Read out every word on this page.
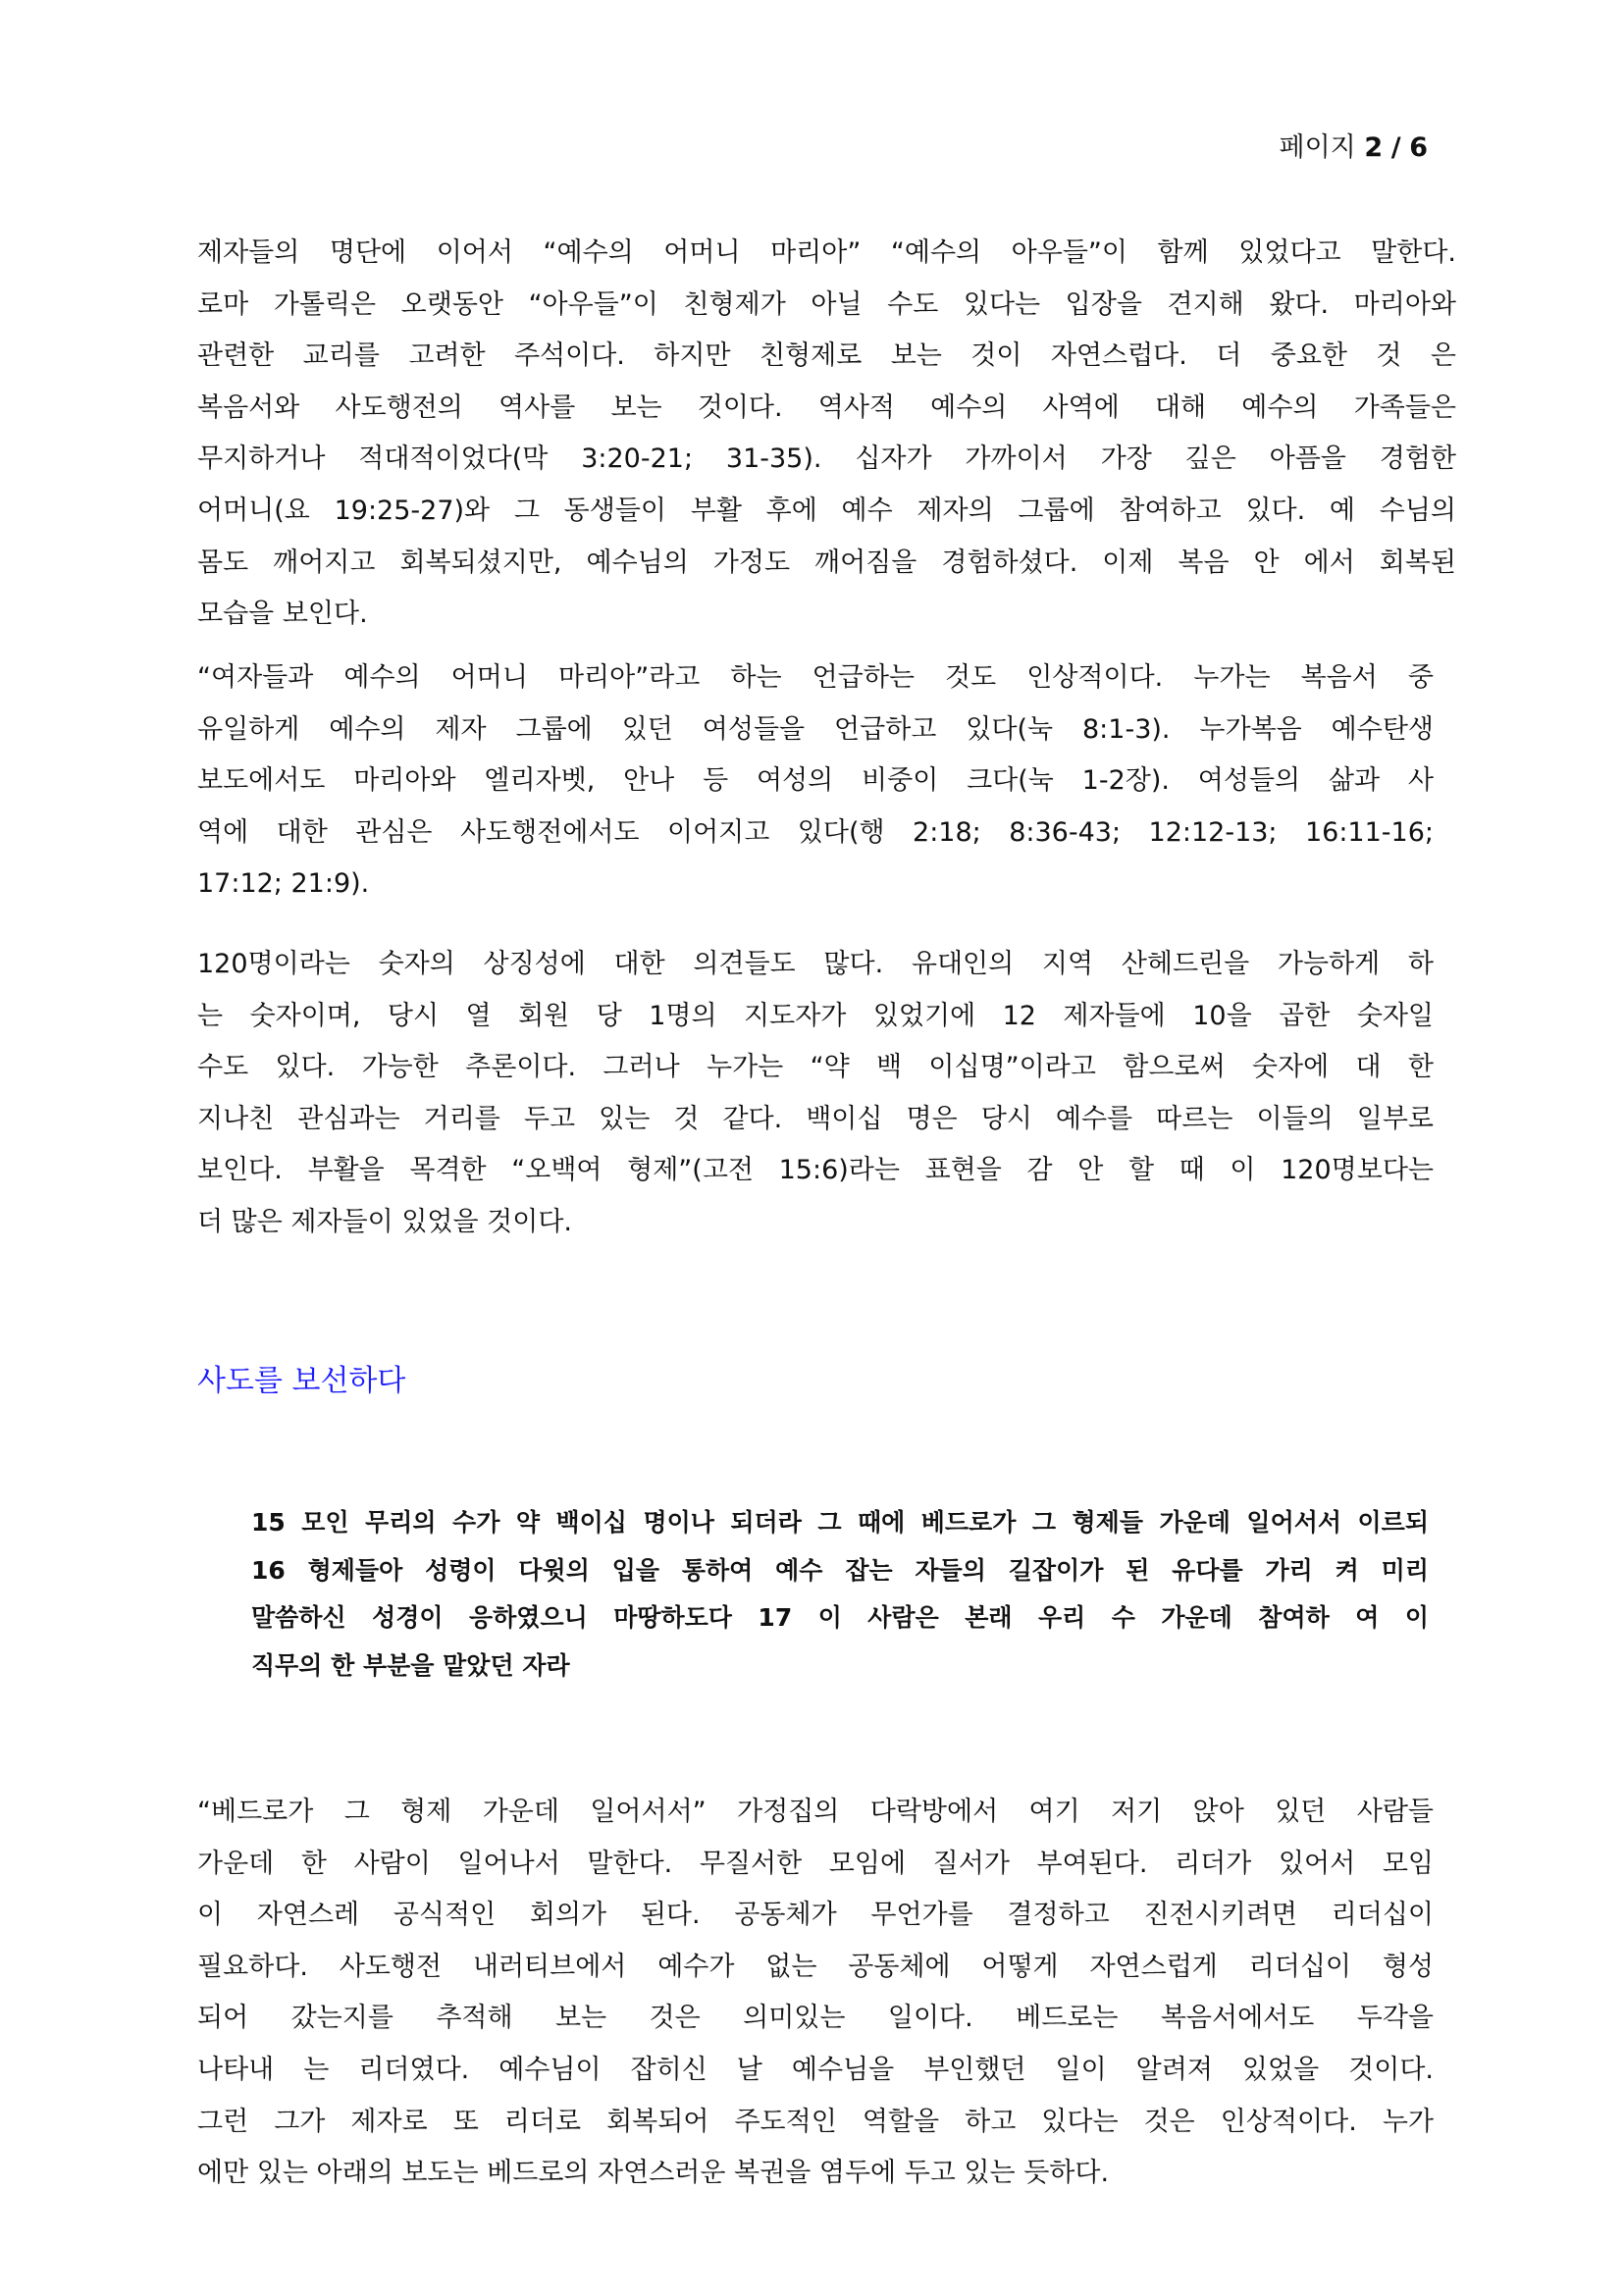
페이지 2 / 6
제자들의 명단에 이어서 “예수의 어머니 마리아” “예수의 아우들”이 함께 있었다고 말한다.
로마 가톨릭은 오랫동안 “아우들”이 친형제가 아닐 수도 있다는 입장을 견지해 왔다. 마리아와
관련한 교리를 고려한 주석이다. 하지만 친형제로 보는 것이 자연스럽다. 더 중요한 것 은
복음서와 사도행전의 역사를 보는 것이다. 역사적 예수의 사역에 대해 예수의 가족들은
무지하거나 적대적이었다(막 3:20-21; 31-35). 십자가 가까이서 가장 깊은 아픔을 경험한
어머니(요 19:25-27)와 그 동생들이 부활 후에 예수 제자의 그룹에 참여하고 있다. 예 수님의
몸도 깨어지고 회복되셨지만, 예수님의 가정도 깨어짐을 경험하셨다. 이제 복음 안 에서 회복된
모습을 보인다.
“여자들과 예수의 어머니 마리아”라고 하는 언급하는 것도 인상적이다. 누가는 복음서 중
유일하게 예수의 제자 그룹에 있던 여성들을 언급하고 있다(눅 8:1-3). 누가복음 예수탄생
보도에서도 마리아와 엘리자벳, 안나 등 여성의 비중이 크다(눅 1-2장). 여성들의 삶과 사
역에 대한 관심은 사도행전에서도 이어지고 있다(행 2:18; 8:36-43; 12:12-13; 16:11-16;
17:12; 21:9).
120명이라는 숫자의 상징성에 대한 의견들도 많다. 유대인의 지역 산헤드린을 가능하게 하
는 숫자이며, 당시 열 회원 당 1명의 지도자가 있었기에 12 제자들에 10을 곱한 숫자일
수도 있다. 가능한 추론이다. 그러나 누가는 “약 백 이십명”이라고 함으로써 숫자에 대 한
지나친 관심과는 거리를 두고 있는 것 같다. 백이십 명은 당시 예수를 따르는 이들의 일부로
보인다. 부활을 목격한 “오백여 형제”(고전 15:6)라는 표현을 감 안 할 때 이 120명보다는
더 많은 제자들이 있었을 것이다.
사도를 보선하다
15 모인 무리의 수가 약 백이십 명이나 되더라 그 때에 베드로가 그 형제들 가운데 일어서서 이르되
16 형제들아 성령이 다윗의 입을 통하여 예수 잡는 자들의 길잡이가 된 유다를 가리 켜 미리
말씀하신 성경이 응하였으니 마땅하도다 17 이 사람은 본래 우리 수 가운데 참여하 여 이
직무의 한 부분을 맡았던 자라
“베드로가 그 형제 가운데 일어서서” 가정집의 다락방에서 여기 저기 앉아 있던 사람들
가운데 한 사람이 일어나서 말한다. 무질서한 모임에 질서가 부여된다. 리더가 있어서 모임
이 자연스레 공식적인 회의가 된다. 공동체가 무언가를 결정하고 진전시키려면 리더십이
필요하다. 사도행전 내러티브에서 예수가 없는 공동체에 어떻게 자연스럽게 리더십이 형성
되어 갔는지를 추적해 보는 것은 의미있는 일이다. 베드로는 복음서에서도 두각을
나타내 는 리더였다. 예수님이 잡히신 날 예수님을 부인했던 일이 알려져 있었을 것이다.
그런 그가 제자로 또 리더로 회복되어 주도적인 역할을 하고 있다는 것은 인상적이다. 누가
에만 있는 아래의 보도는 베드로의 자연스러운 복권을 염두에 두고 있는 듯하다.
